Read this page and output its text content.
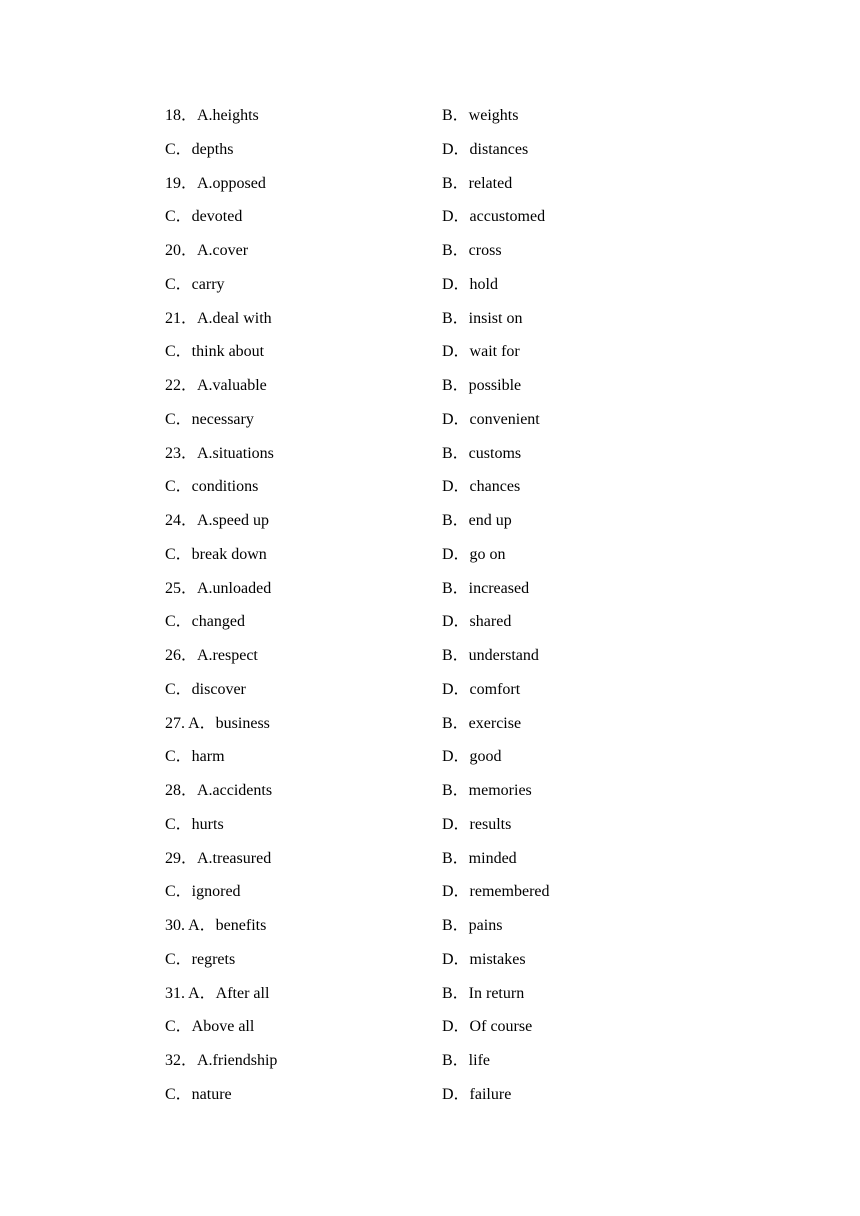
18．A.heights	B．weights
C．depths	D．distances
19．A.opposed	B．related
C．devoted	D．accustomed
20．A.cover	B．cross
C．carry	D．hold
21．A.deal with	B．insist on
C．think about	D．wait for
22．A.valuable	B．possible
C．necessary	D．convenient
23．A.situations	B．customs
C．conditions	D．chances
24．A.speed up	B．end up
C．break down	D．go on
25．A.unloaded	B．increased
C．changed	D．shared
26．A.respect	B．understand
C．discover	D．comfort
27. A．business	B．exercise
C．harm	D．good
28．A.accidents	B．memories
C．hurts	D．results
29．A.treasured	B．minded
C．ignored	D．remembered
30. A．benefits	B．pains
C．regrets	D．mistakes
31. A．After all	B．In return
C．Above all	D．Of course
32．A.friendship	B．life
C．nature	D．failure
